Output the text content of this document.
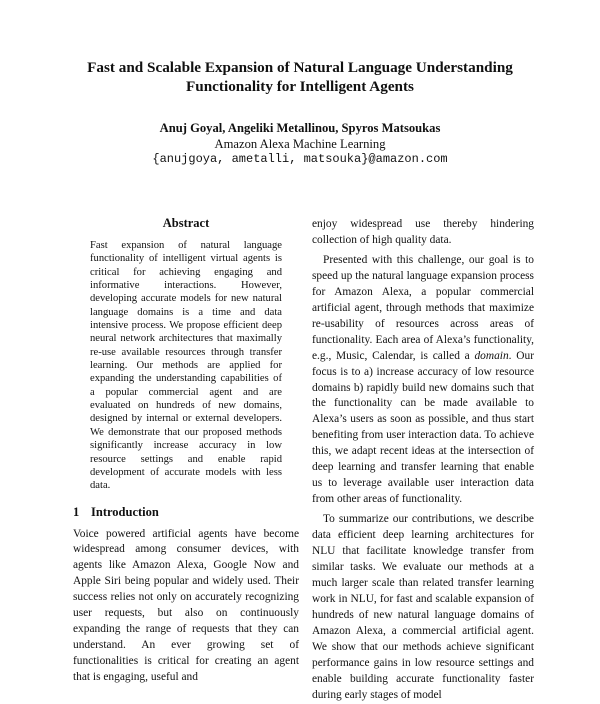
Fast and Scalable Expansion of Natural Language Understanding
Functionality for Intelligent Agents
Anuj Goyal, Angeliki Metallinou, Spyros Matsoukas
Amazon Alexa Machine Learning
{anujgoya, ametalli, matsouka}@amazon.com
Abstract
Fast expansion of natural language functionality of intelligent virtual agents is critical for achieving engaging and informative interactions. However, developing accurate models for new natural language domains is a time and data intensive process. We propose efficient deep neural network architectures that maximally re-use available resources through transfer learning. Our methods are applied for expanding the understanding capabilities of a popular commercial agent and are evaluated on hundreds of new domains, designed by internal or external developers. We demonstrate that our proposed methods significantly increase accuracy in low resource settings and enable rapid development of accurate models with less data.
1 Introduction

Voice powered artificial agents have become widespread among consumer devices, with agents like Amazon Alexa, Google Now and Apple Siri being popular and widely used. Their success relies not only on accurately recognizing user requests, but also on continuously expanding the range of requests that they can understand. An ever growing set of functionalities is critical for creating an agent that is engaging, useful and

enjoy widespread use thereby hindering collection of high quality data.

Presented with this challenge, our goal is to speed up the natural language expansion process for Amazon Alexa, a popular commercial artificial agent, through methods that maximize re-usability of resources across areas of functionality. Each area of Alexa’s functionality, e.g., Music, Calendar, is called a domain. Our focus is to a) increase accuracy of low resource domains b) rapidly build new domains such that the functionality can be made available to Alexa’s users as soon as possible, and thus start benefiting from user interaction data. To achieve this, we adapt recent ideas at the intersection of deep learning and transfer learning that enable us to leverage available user interaction data from other areas of functionality.

To summarize our contributions, we describe data efficient deep learning architectures for NLU that facilitate knowledge transfer from similar tasks. We evaluate our methods at a much larger scale than related transfer learning work in NLU, for fast and scalable expansion of hundreds of new natural language domains of Amazon Alexa, a commercial artificial agent. We show that our methods achieve significant performance gains in low resource settings and enable building accurate functionality faster during early stages of model
